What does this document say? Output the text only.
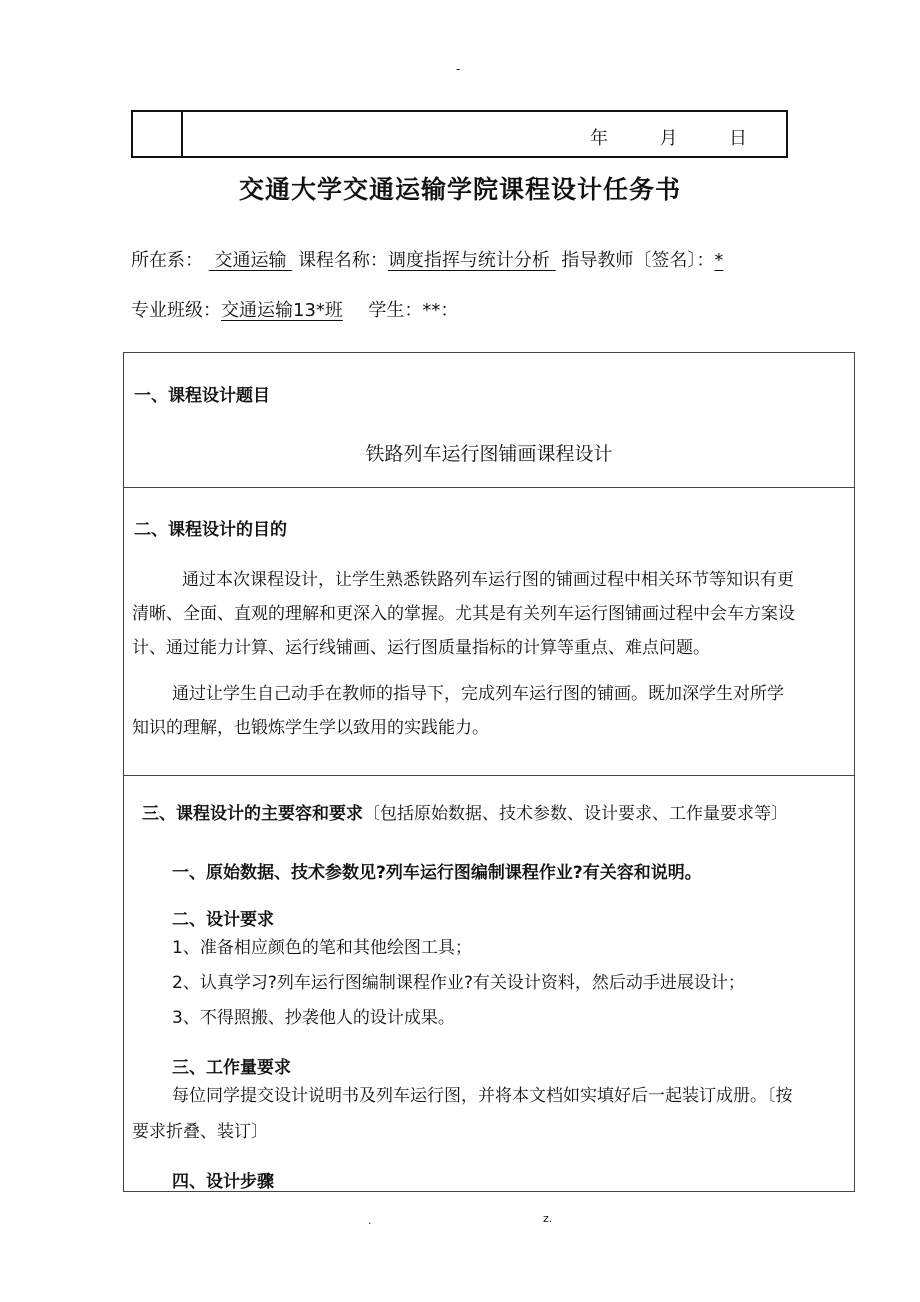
-
年	月	日
交通大学交通运输学院课程设计任务书
所在系： 交通运输 课程名称：调度指挥与统计分析 指导教师〔签名〕：*
专业班级：交通运输13*班 学生：**：
一、课程设计题目
铁路列车运行图铺画课程设计
二、课程设计的目的
通过本次课程设计，让学生熟悉铁路列车运行图的铺画过程中相关环节等知识有更
清晰、全面、直观的理解和更深入的掌握。尤其是有关列车运行图铺画过程中会车方案设
计、通过能力计算、运行线铺画、运行图质量指标的计算等重点、难点问题。
通过让学生自己动手在教师的指导下，完成列车运行图的铺画。既加深学生对所学
知识的理解，也锻炼学生学以致用的实践能力。
三、课程设计的主要容和要求〔包括原始数据、技术参数、设计要求、工作量要求等〕
一、原始数据、技术参数见?列车运行图编制课程作业?有关容和说明。
二、设计要求
1、准备相应颜色的笔和其他绘图工具；
2、认真学习?列车运行图编制课程作业?有关设计资料，然后动手进展设计；
3、不得照搬、抄袭他人的设计成果。
三、工作量要求
每位同学提交设计说明书及列车运行图，并将本文档如实填好后一起装订成册。〔按
要求折叠、装订〕
四、设计步骤
.	z.
